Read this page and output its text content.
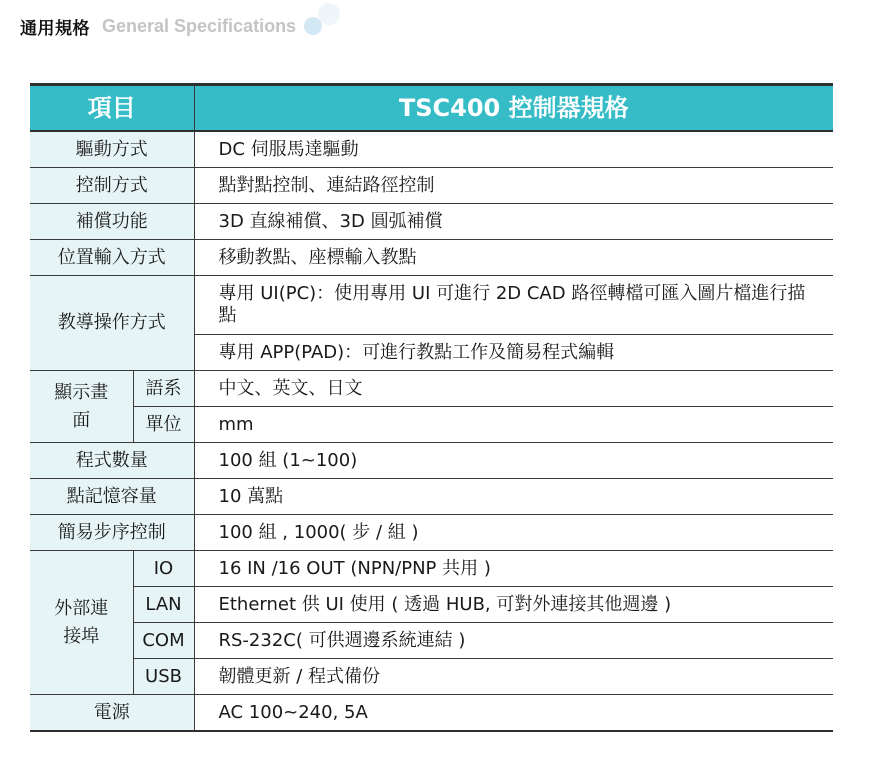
通用規格 General Specifications
項目		TSC400 控制器規格
驅動方式		DC 伺服馬達驅動
控制方式		點對點控制、連結路徑控制
補償功能		3D 直線補償、3D 圓弧補償
位置輸入方式		移動教點、座標輸入教點
教導操作方式		專用 UI(PC)：使用專用 UI 可進行 2D CAD 路徑轉檔可匯入圖片檔進行描點
		專用 APP(PAD)：可進行教點工作及簡易程式編輯

顯示畫面	語系	中文、英文、日文
	單位	mm
程式數量		100 組 (1~100)
點記憶容量		10 萬點
簡易步序控制		100 組 , 1000( 步 / 組 )

外部連接埠	IO	16 IN /16 OUT (NPN/PNP 共用 )
	LAN	Ethernet 供 UI 使用 ( 透過 HUB, 可對外連接其他週邊 )
	COM	RS-232C( 可供週邊系統連結 )
	USB	韌體更新 / 程式備份
電源		AC 100~240, 5A
